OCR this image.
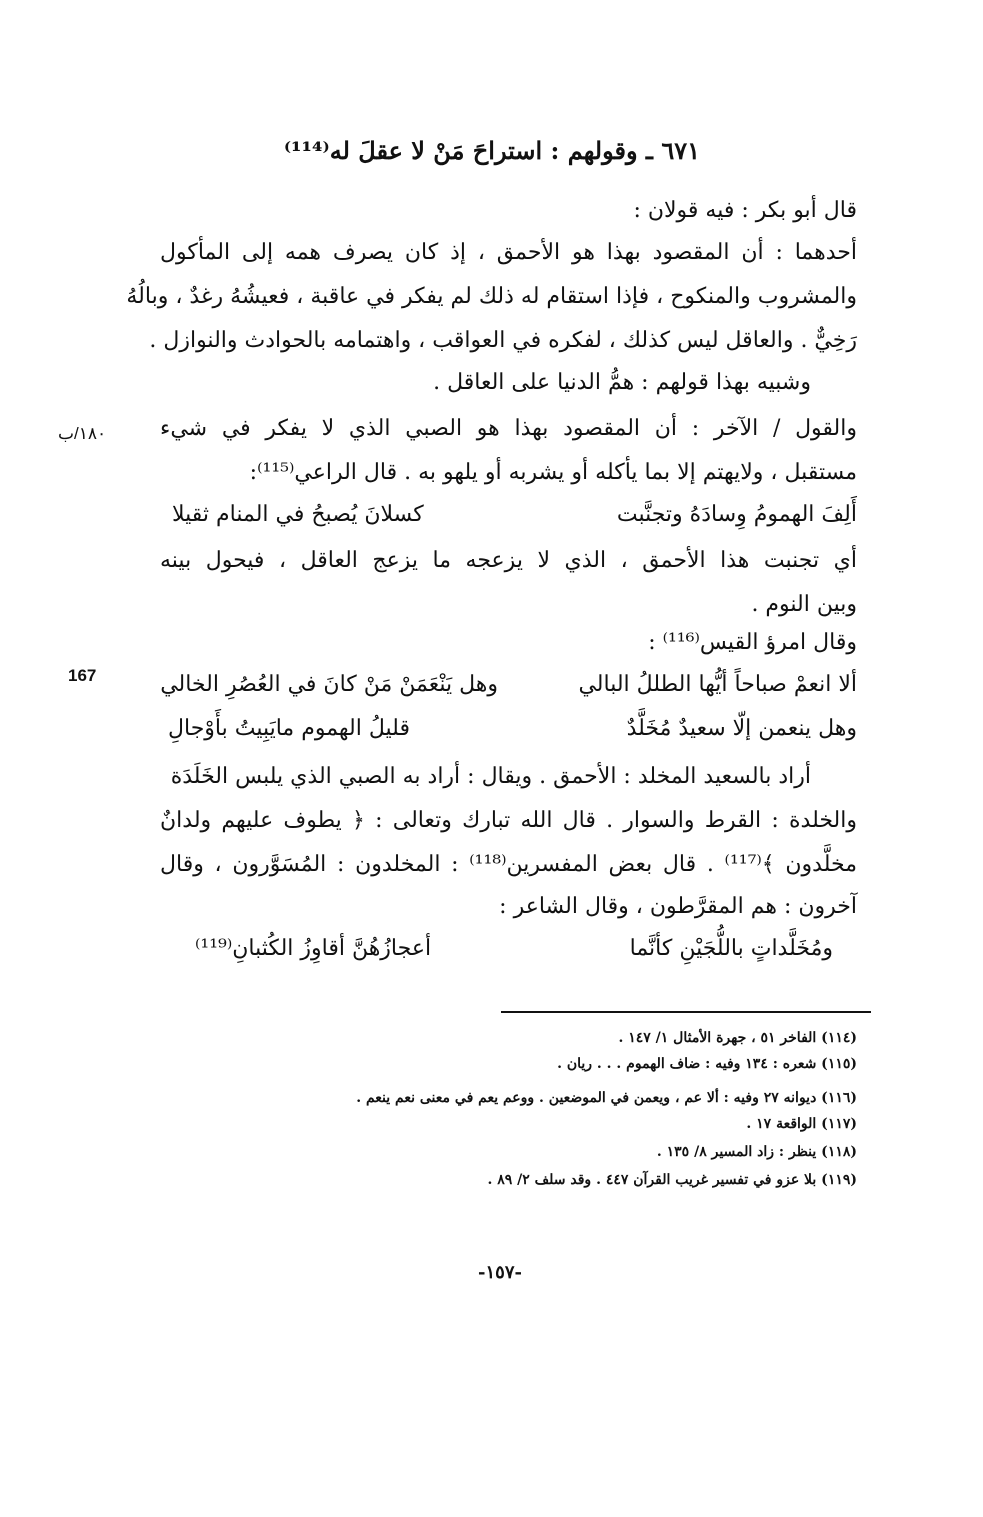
٦٧١ ـ وقولهم : استراحَ مَنْ لا عقلَ له⁽¹¹⁴⁾
قال أبو بكر : فيه قولان :
أحدهما : أن المقصود بهذا هو الأحمق ، إذ كان يصرف همه إلى المأكول
والمشروب والمنكوح ، فإذا استقام له ذلك لم يفكر في عاقبة ، فعيشُهُ رغدٌ ، وبالُهُ
رَخِيٌّ . والعاقل ليس كذلك ، لفكره في العواقب ، واهتمامه بالحوادث والنوازل .
وشبيه بهذا قولهم : همُّ الدنيا على العاقل .
والقول / الآخر : أن المقصود بهذا هو الصبي الذي لا يفكر في شيء
مستقبل ، ولايهتم إلا بما يأكله أو يشربه أو يلهو به . قال الراعي⁽¹¹⁵⁾:
أَلِفَ الهمومُ وِسادَهُ وتجنَّبت
كسلانَ يُصبحُ في المنام ثقيلا
أي تجنبت هذا الأحمق ، الذي لا يزعجه ما يزعج العاقل ، فيحول بينه
وبين النوم .
وقال امرؤ القيس⁽¹¹⁶⁾ :
ألا انعمْ صباحاً أيُّها الطللُ البالي
وهل يَنْعَمَنْ مَنْ كانَ في العُصُرِ الخالي
وهل ينعمن إلّا سعيدٌ مُخَلَّدٌ
قليلُ الهموم مايَبِيتُ بأَوْجالِ
أراد بالسعيد المخلد : الأحمق . ويقال : أراد به الصبي الذي يلبس الخَلَدَة
والخلدة : القرط والسوار . قال الله تبارك وتعالى : ﴿ يطوف عليهم ولدانٌ
مخلَّدون ﴾⁽¹¹⁷⁾ . قال بعض المفسرين⁽¹¹⁸⁾ : المخلدون : المُسَوَّرون ، وقال
آخرون : هم المقرَّطون ، وقال الشاعر :
ومُخَلَّداتٍ باللُّجَيْنِ كأنَّما
أعجازُهُنَّ أقاوِزُ الكُثبانِ⁽¹¹⁹⁾
١٨٠/ب
167
(١١٤) الفاخر ٥١ ، جهرة الأمثال ١/ ١٤٧ .
(١١٥) شعره : ١٣٤ وفيه : ضاف الهموم . . . ريان .
(١١٦) ديوانه ٢٧ وفيه : ألا عم ، ويعمن في الموضعين . ووعم يعم في معنى نعم ينعم .
(١١٧) الواقعة ١٧ .
(١١٨) ينظر : زاد المسير ٨/ ١٣٥ .
(١١٩) بلا عزو في تفسير غريب القرآن ٤٤٧ . وقد سلف ٢/ ٨٩ .
-١٥٧-
